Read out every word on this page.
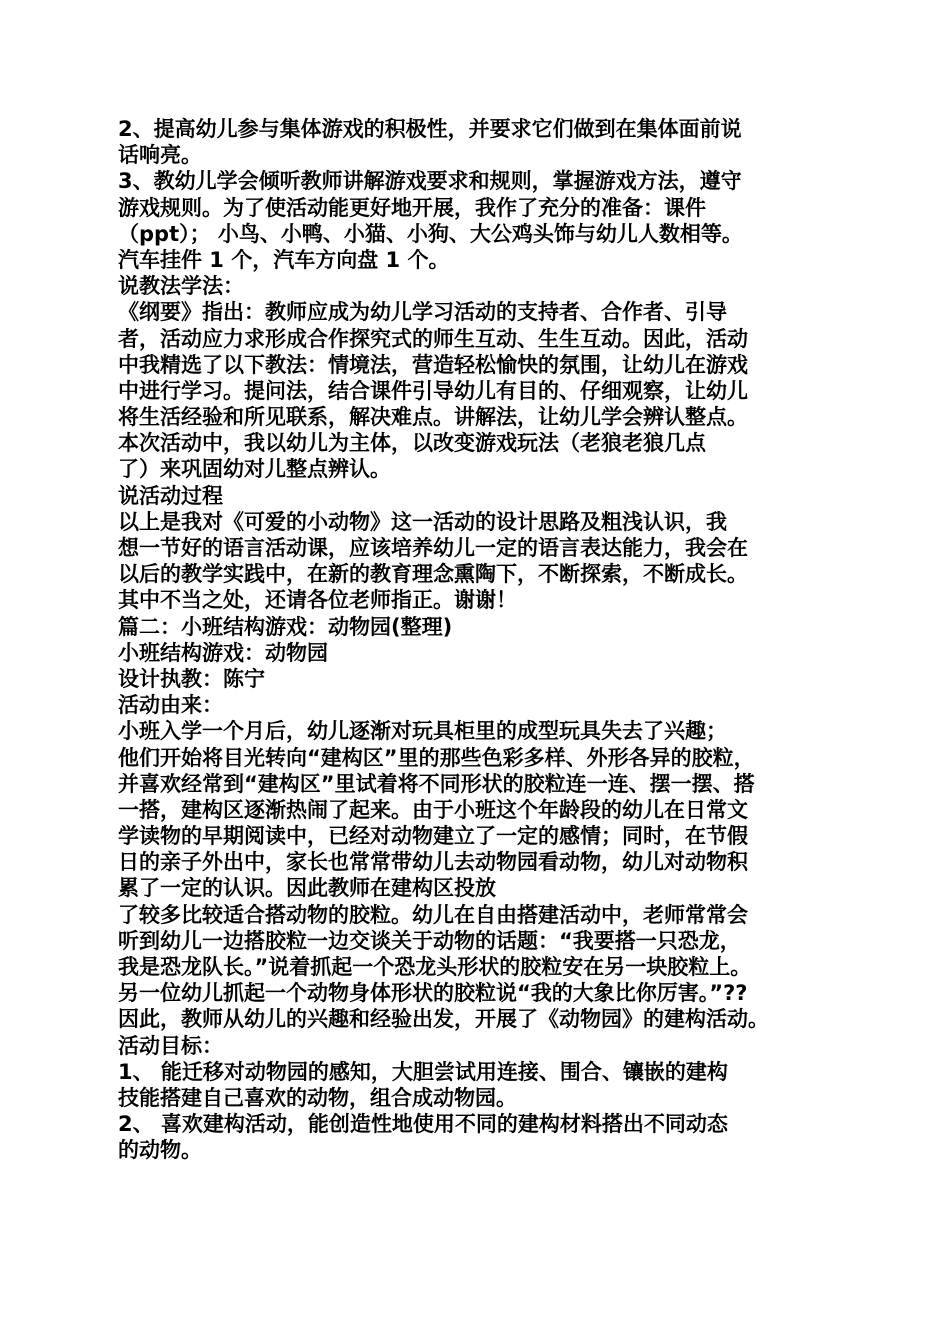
2、提高幼儿参与集体游戏的积极性，并要求它们做到在集体面前说
话响亮。
3、教幼儿学会倾听教师讲解游戏要求和规则，掌握游戏方法，遵守
游戏规则。为了使活动能更好地开展，我作了充分的准备：课件
（ppt）； 小鸟、小鸭、小猫、小狗、大公鸡头饰与幼儿人数相等。
汽车挂件 1 个，汽车方向盘 1 个。
说教法学法：
《纲要》指出：教师应成为幼儿学习活动的支持者、合作者、引导
者，活动应力求形成合作探究式的师生互动、生生互动。因此，活动
中我精选了以下教法：情境法，营造轻松愉快的氛围，让幼儿在游戏
中进行学习。提问法，结合课件引导幼儿有目的、仔细观察，让幼儿
将生活经验和所见联系，解决难点。讲解法，让幼儿学会辨认整点。
本次活动中，我以幼儿为主体，以改变游戏玩法（老狼老狼几点
了）来巩固幼对儿整点辨认。
说活动过程
以上是我对《可爱的小动物》这一活动的设计思路及粗浅认识，我
想一节好的语言活动课，应该培养幼儿一定的语言表达能力，我会在
以后的教学实践中，在新的教育理念熏陶下，不断探索，不断成长。
其中不当之处，还请各位老师指正。谢谢！
篇二：小班结构游戏：动物园(整理)
小班结构游戏：动物园
设计执教：陈宁
活动由来：
小班入学一个月后，幼儿逐渐对玩具柜里的成型玩具失去了兴趣；
他们开始将目光转向“建构区”里的那些色彩多样、外形各异的胶粒，
并喜欢经常到“建构区”里试着将不同形状的胶粒连一连、摆一摆、搭
一搭，建构区逐渐热闹了起来。由于小班这个年龄段的幼儿在日常文
学读物的早期阅读中，已经对动物建立了一定的感情；同时，在节假
日的亲子外出中，家长也常常带幼儿去动物园看动物，幼儿对动物积
累了一定的认识。因此教师在建构区投放
了较多比较适合搭动物的胶粒。幼儿在自由搭建活动中，老师常常会
听到幼儿一边搭胶粒一边交谈关于动物的话题：“我要搭一只恐龙，
我是恐龙队长。”说着抓起一个恐龙头形状的胶粒安在另一块胶粒上。
另一位幼儿抓起一个动物身体形状的胶粒说“我的大象比你厉害。”??
因此，教师从幼儿的兴趣和经验出发，开展了《动物园》的建构活动。
活动目标：
1、 能迁移对动物园的感知，大胆尝试用连接、围合、镶嵌的建构
技能搭建自己喜欢的动物，组合成动物园。
2、 喜欢建构活动，能创造性地使用不同的建构材料搭出不同动态
的动物。
